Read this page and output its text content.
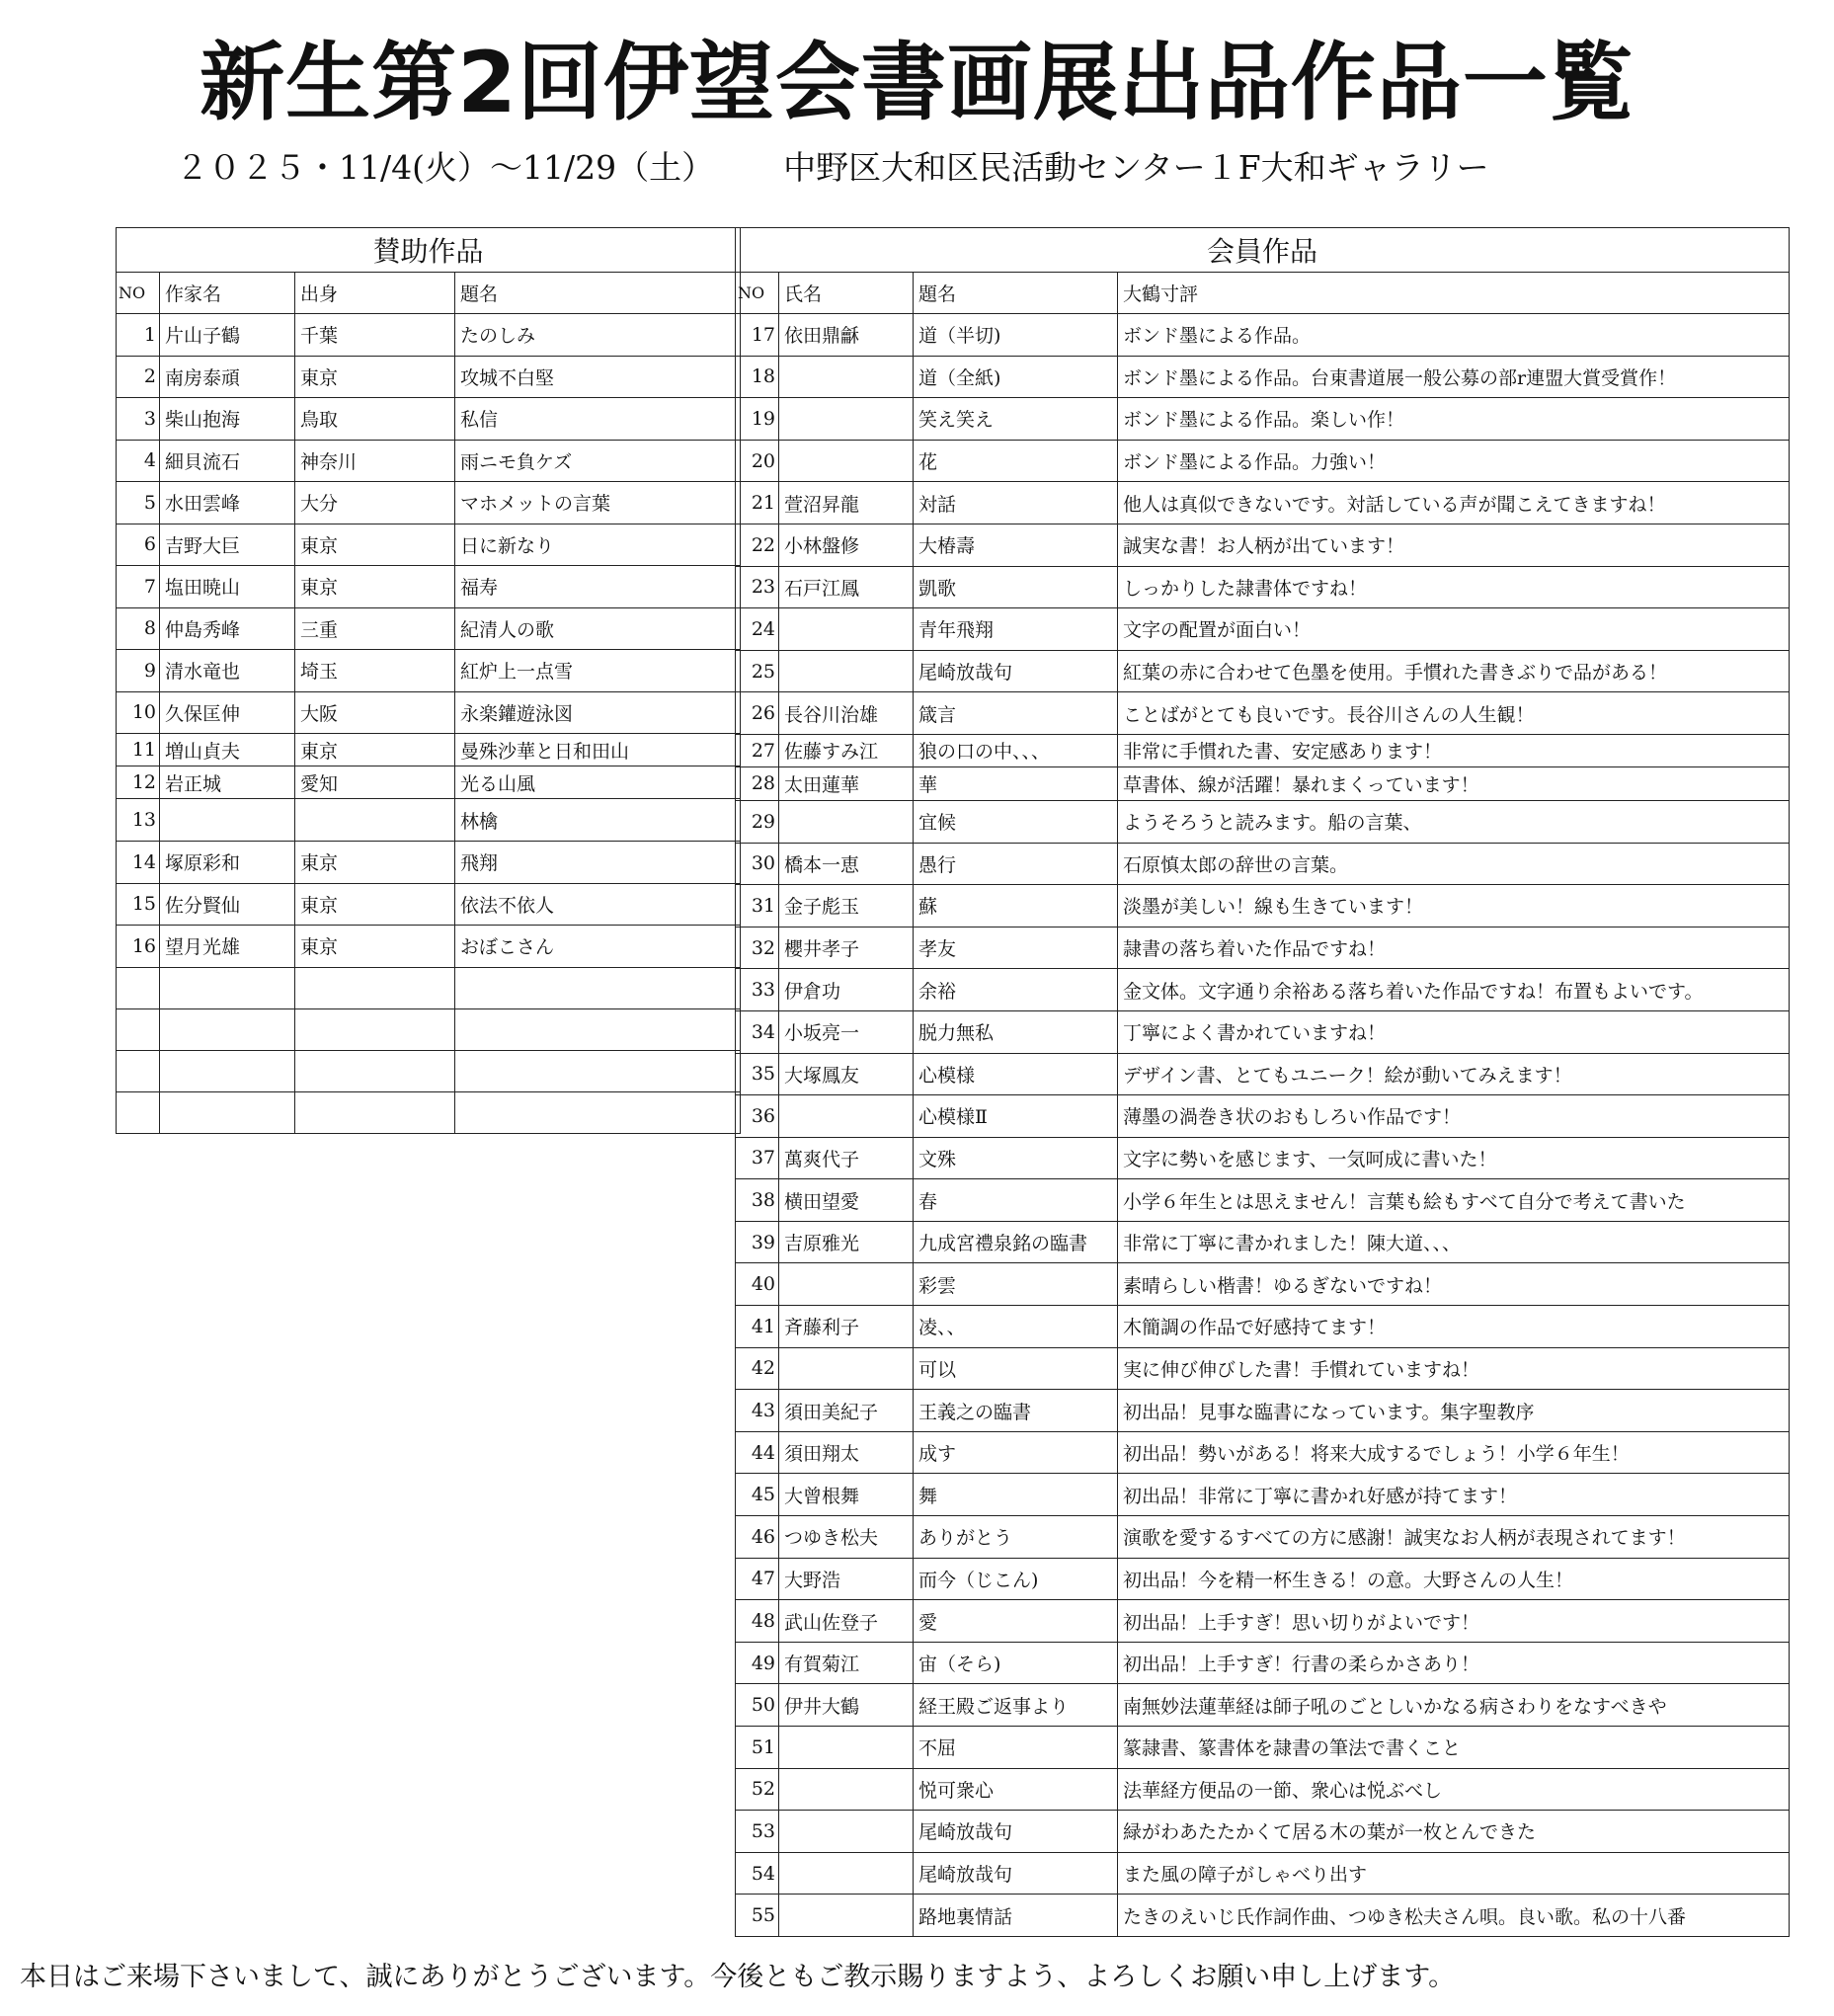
新生第2回伊望会書画展出品作品一覧
２０２５・11/4(火）～11/29（土） 中野区大和区民活動センター１F大和ギャラリー
賛助作品			
NO	作家名	出身	題名
1	片山子鶴	千葉	たのしみ
2	南房泰頑	東京	攻城不白堅
3	柴山抱海	鳥取	私信
4	細貝流石	神奈川	雨ニモ負ケズ
5	水田雲峰	大分	マホメットの言葉
6	吉野大巨	東京	日に新なり
7	塩田暁山	東京	福寿
8	仲島秀峰	三重	紀清人の歌
9	清水竜也	埼玉	紅炉上一点雪
10	久保匡伸	大阪	永楽鑵遊泳図
11	増山貞夫	東京	曼殊沙華と日和田山
12	岩正城	愛知	光る山風
13			林檎
14	塚原彩和	東京	飛翔
15	佐分賢仙	東京	依法不依人
16	望月光雄	東京	おぼこさん

会員作品			
NO	氏名	題名	大鶴寸評
17	依田鼎龢	道（半切)	ボンド墨による作品。
18		道（全紙)	ボンド墨による作品。台東書道展一般公募の部r連盟大賞受賞作！
19		笑え笑え	ボンド墨による作品。楽しい作！
20		花	ボンド墨による作品。力強い！
21	萱沼昇龍	対話	他人は真似できないです。対話している声が聞こえてきますね！
22	小林盤修	大椿壽	誠実な書！お人柄が出ています！
23	石戸江鳳	凱歌	しっかりした隷書体ですね！
24		青年飛翔	文字の配置が面白い！
25		尾崎放哉句	紅葉の赤に合わせて色墨を使用。手慣れた書きぶりで品がある！
26	長谷川治雄	箴言	ことばがとても良いです。長谷川さんの人生観！
27	佐藤すみ江	狼の口の中、、、	非常に手慣れた書、安定感あります！
28	太田蓮華	華	草書体、線が活躍！暴れまくっています！
29		宜候	ようそろうと読みます。船の言葉、
30	橋本一恵	愚行	石原慎太郎の辞世の言葉。
31	金子彪玉	蘇	淡墨が美しい！線も生きています！
32	櫻井孝子	孝友	隷書の落ち着いた作品ですね！
33	伊倉功	余裕	金文体。文字通り余裕ある落ち着いた作品ですね！布置もよいです。
34	小坂亮一	脱力無私	丁寧によく書かれていますね！
35	大塚鳳友	心模様	デザイン書、とてもユニーク！絵が動いてみえます！
36		心模様Ⅱ	薄墨の渦巻き状のおもしろい作品です！
37	萬爽代子	文殊	文字に勢いを感じます、一気呵成に書いた！
38	横田望愛	春	小学６年生とは思えません！言葉も絵もすべて自分で考えて書いた
39	吉原雅光	九成宮禮泉銘の臨書	非常に丁寧に書かれました！陳大道、、、
40		彩雲	素晴らしい楷書！ゆるぎないですね！
41	斉藤利子	凌、、	木簡調の作品で好感持てます！
42		可以	実に伸び伸びした書！手慣れていますね！
43	須田美紀子	王義之の臨書	初出品！見事な臨書になっています。集字聖教序
44	須田翔太	成す	初出品！勢いがある！将来大成するでしょう！小学６年生！
45	大曾根舞	舞	初出品！非常に丁寧に書かれ好感が持てます！
46	つゆき松夫	ありがとう	演歌を愛するすべての方に感謝！誠実なお人柄が表現されてます！
47	大野浩	而今（じこん)	初出品！今を精一杯生きる！の意。大野さんの人生！
48	武山佐登子	愛	初出品！上手すぎ！思い切りがよいです！
49	有賀菊江	宙（そら)	初出品！上手すぎ！行書の柔らかさあり！
50	伊井大鶴	経王殿ご返事より	南無妙法蓮華経は師子吼のごとしいかなる病さわりをなすべきや
51		不屈	篆隷書、篆書体を隷書の筆法で書くこと
52		悦可衆心	法華経方便品の一節、衆心は悦ぶべし
53		尾崎放哉句	緑がわあたたかくて居る木の葉が一枚とんできた
54		尾崎放哉句	また風の障子がしゃべり出す
55		路地裏情話	たきのえいじ氏作詞作曲、つゆき松夫さん唄。良い歌。私の十八番
本日はご来場下さいまして、誠にありがとうございます。今後ともご教示賜りますよう、よろしくお願い申し上げます。
